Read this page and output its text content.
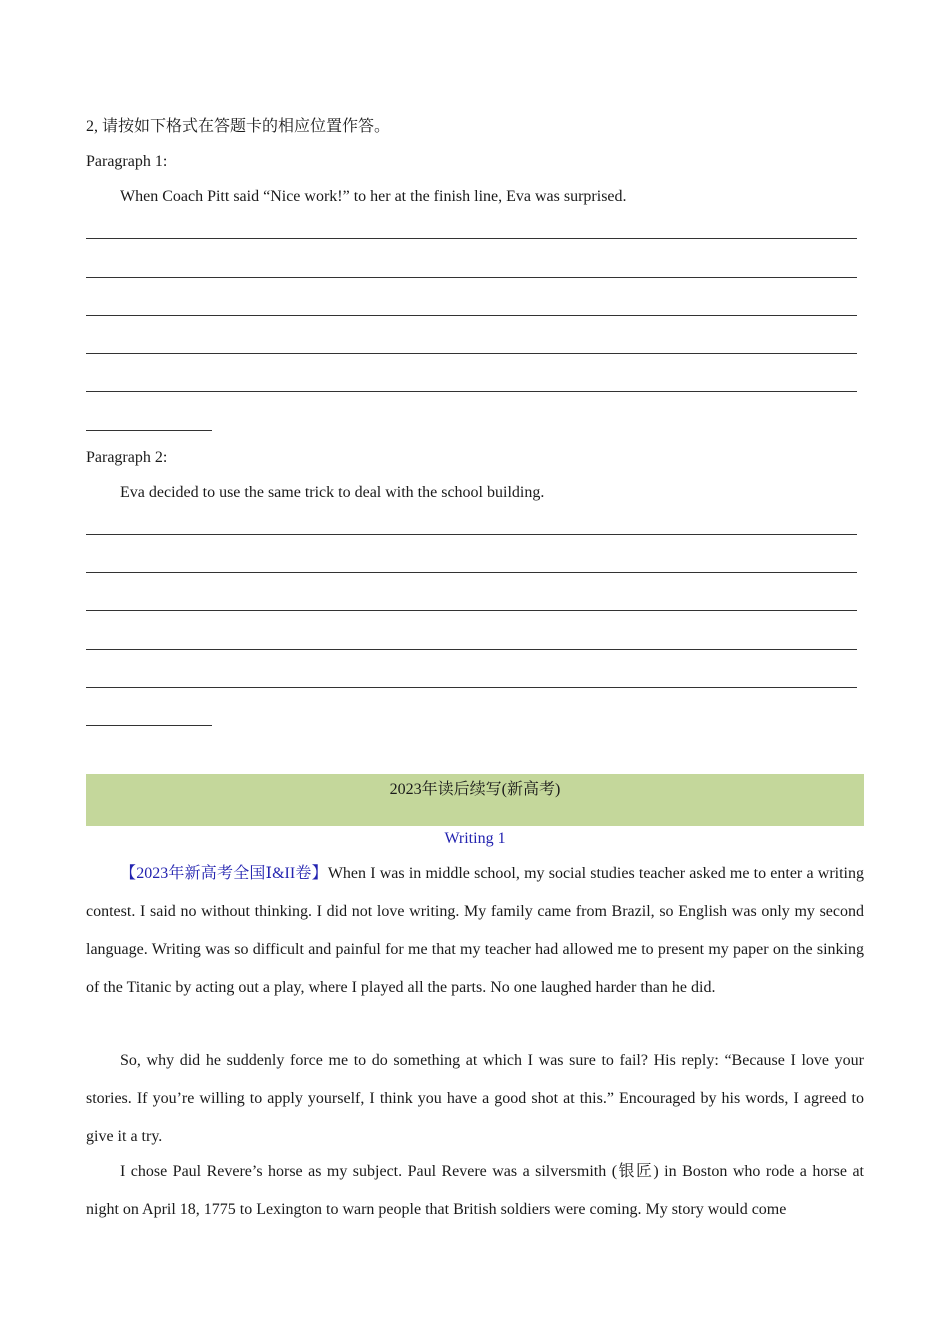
2, 请按如下格式在答题卡的相应位置作答。
Paragraph 1:
When Coach Pitt said “Nice work!” to her at the finish line, Eva was surprised.
Paragraph 2:
Eva decided to use the same trick to deal with the school building.
2023年读后续写(新高考)
Writing 1
【2023年新高考全国Ⅰ&II卷】When I was in middle school, my social studies teacher asked me to enter a writing contest. I said no without thinking. I did not love writing. My family came from Brazil, so English was only my second language. Writing was so difficult and painful for me that my teacher had allowed me to present my paper on the sinking of the Titanic by acting out a play, where I played all the parts. No one laughed harder than he did.
So, why did he suddenly force me to do something at which I was sure to fail? His reply: “Because I love your stories. If you’re willing to apply yourself, I think you have a good shot at this.” Encouraged by his words, I agreed to give it a try.
I chose Paul Revere’s horse as my subject. Paul Revere was a silversmith (银匠) in Boston who rode a horse at night on April 18, 1775 to Lexington to warn people that British soldiers were coming. My story would come
